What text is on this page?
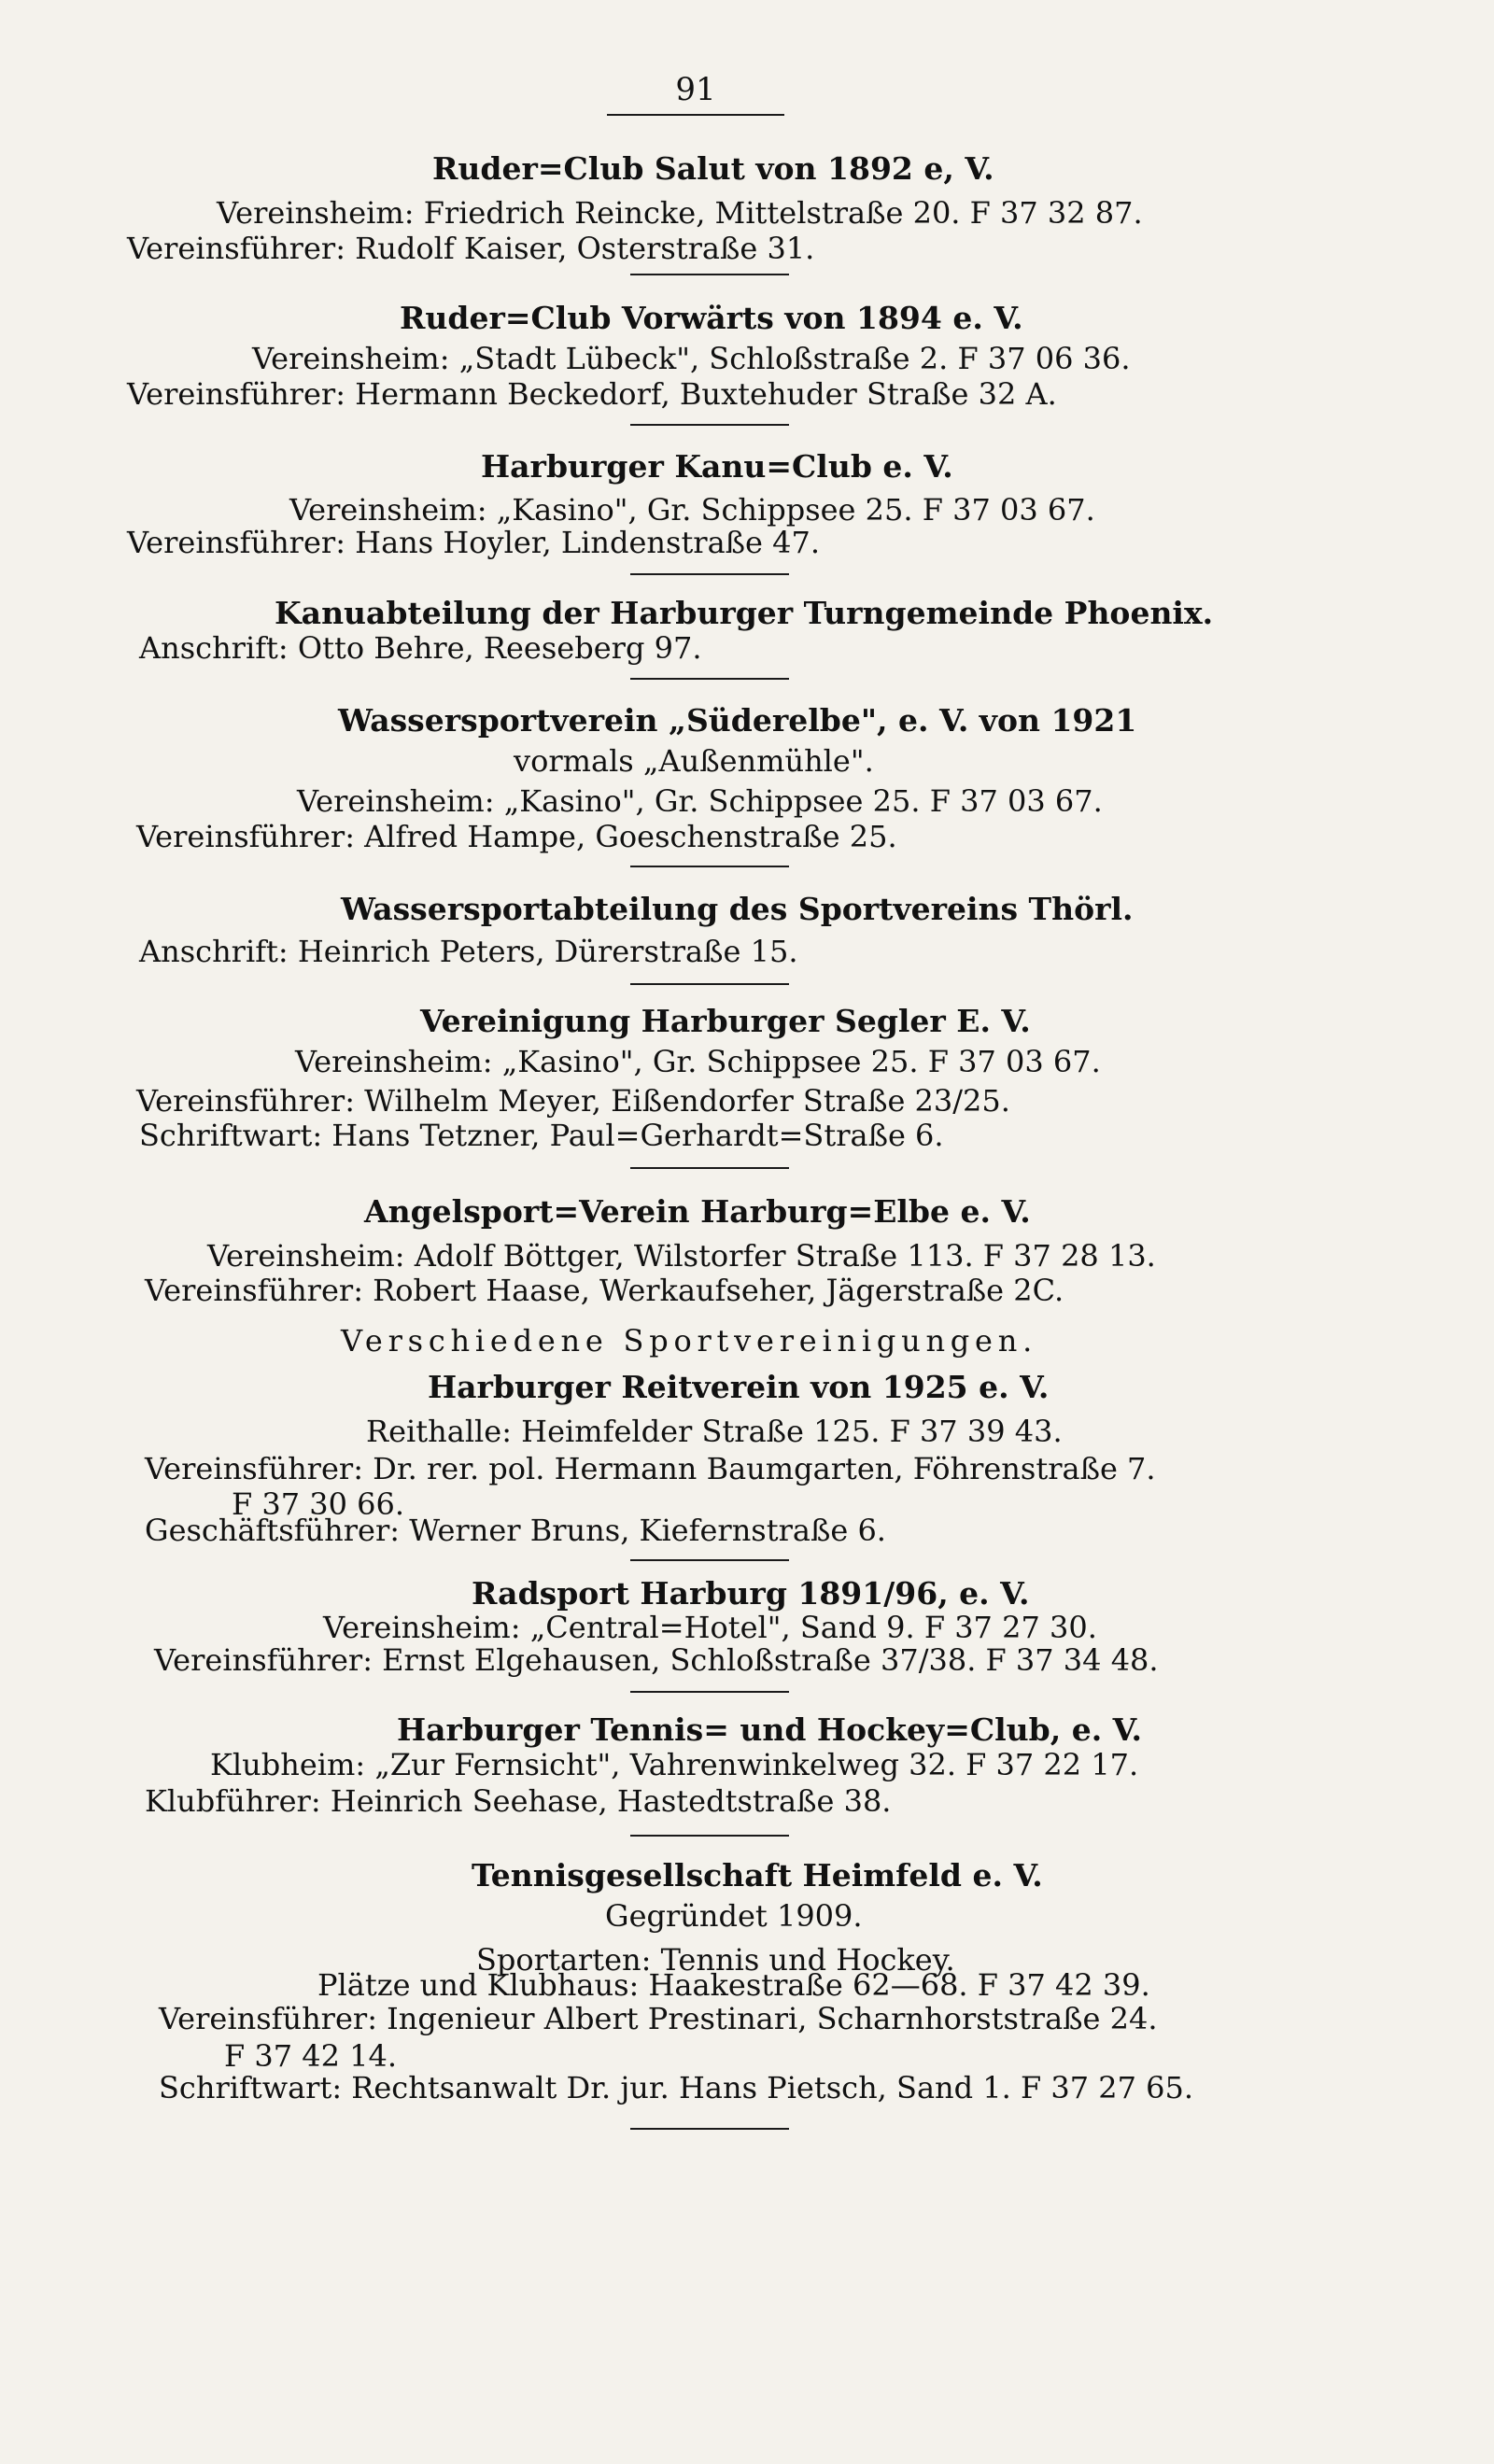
91
Ruder=Club Salut von 1892 e, V.
Vereinsheim: Friedrich Reincke, Mittelstraße 20. F 37 32 87.
Vereinsführer: Rudolf Kaiser, Osterstraße 31.
Ruder=Club Vorwärts von 1894 e. V.
Vereinsheim: „Stadt Lübeck", Schloßstraße 2. F 37 06 36.
Vereinsführer: Hermann Beckedorf, Buxtehuder Straße 32 A.
Harburger Kanu=Club e. V.
Vereinsheim: „Kasino", Gr. Schippsee 25. F 37 03 67.
Vereinsführer: Hans Hoyler, Lindenstraße 47.
Kanuabteilung der Harburger Turngemeinde Phoenix.
Anschrift: Otto Behre, Reeseberg 97.
Wassersportverein „Süderelbe", e. V. von 1921
vormals „Außenmühle".
Vereinsheim: „Kasino", Gr. Schippsee 25. F 37 03 67.
Vereinsführer: Alfred Hampe, Goeschenstraße 25.
Wassersportabteilung des Sportvereins Thörl.
Anschrift: Heinrich Peters, Dürerstraße 15.
Vereinigung Harburger Segler E. V.
Vereinsheim: „Kasino", Gr. Schippsee 25. F 37 03 67.
Vereinsführer: Wilhelm Meyer, Eißendorfer Straße 23/25.
Schriftwart: Hans Tetzner, Paul=Gerhardt=Straße 6.
Angelsport=Verein Harburg=Elbe e. V.
Vereinsheim: Adolf Böttger, Wilstorfer Straße 113. F 37 28 13.
Vereinsführer: Robert Haase, Werkaufseher, Jägerstraße 2C.
Verschiedene Sportvereinigungen.
Harburger Reitverein von 1925 e. V.
Reithalle: Heimfelder Straße 125. F 37 39 43.
Vereinsführer: Dr. rer. pol. Hermann Baumgarten, Föhrenstraße 7.
F 37 30 66.
Geschäftsführer: Werner Bruns, Kiefernstraße 6.
Radsport Harburg 1891/96, e. V.
Vereinsheim: „Central=Hotel", Sand 9. F 37 27 30.
Vereinsführer: Ernst Elgehausen, Schloßstraße 37/38. F 37 34 48.
Harburger Tennis= und Hockey=Club, e. V.
Klubheim: „Zur Fernsicht", Vahrenwinkelweg 32. F 37 22 17.
Klubführer: Heinrich Seehase, Hastedtstraße 38.
Tennisgesellschaft Heimfeld e. V.
Gegründet 1909.
Sportarten: Tennis und Hockey.
Plätze und Klubhaus: Haakestraße 62—68. F 37 42 39.
Vereinsführer: Ingenieur Albert Prestinari, Scharnhorststraße 24.
F 37 42 14.
Schriftwart: Rechtsanwalt Dr. jur. Hans Pietsch, Sand 1. F 37 27 65.
